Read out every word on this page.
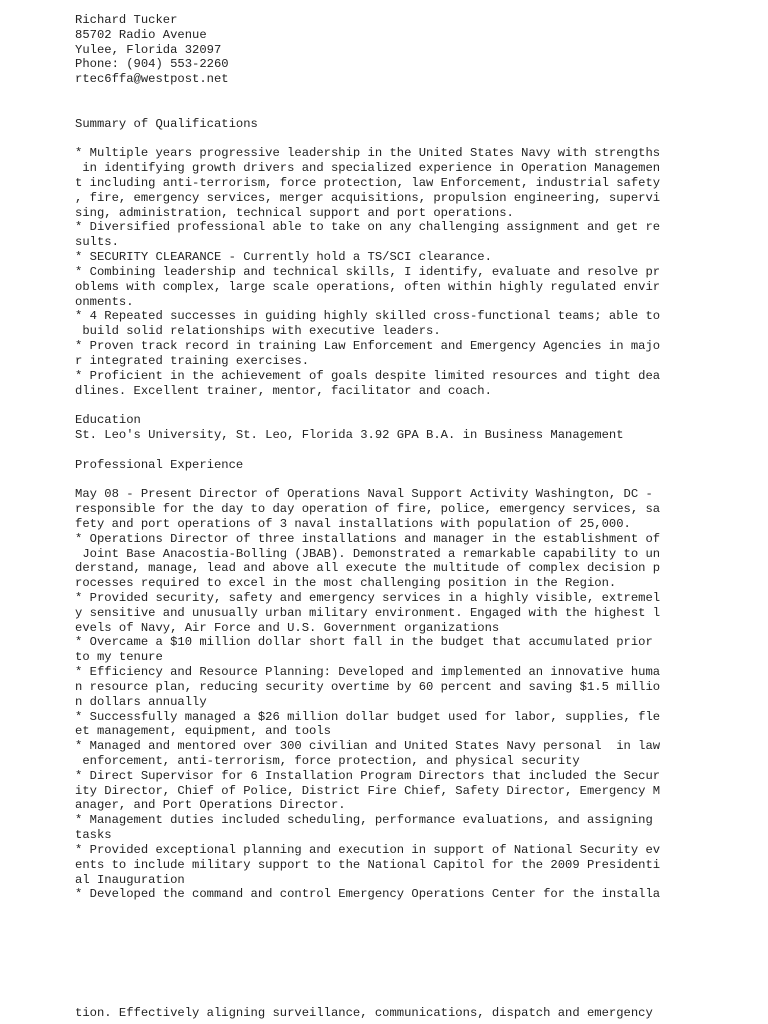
Richard Tucker
85702 Radio Avenue
Yulee, Florida 32097
Phone: (904) 553-2260
rtec6ffa@westpost.net
Summary of Qualifications
* Multiple years progressive leadership in the United States Navy with strengths
in identifying growth drivers and specialized experience in Operation Managemen
t including anti-terrorism, force protection, law Enforcement, industrial safety
, fire, emergency services, merger acquisitions, propulsion engineering, supervi
sing, administration, technical support and port operations.
* Diversified professional able to take on any challenging assignment and get re
sults.
* SECURITY CLEARANCE - Currently hold a TS/SCI clearance.
* Combining leadership and technical skills, I identify, evaluate and resolve pr
oblems with complex, large scale operations, often within highly regulated envir
onments.
* 4 Repeated successes in guiding highly skilled cross-functional teams; able to
build solid relationships with executive leaders.
* Proven track record in training Law Enforcement and Emergency Agencies in majo
r integrated training exercises.
* Proficient in the achievement of goals despite limited resources and tight dea
dlines. Excellent trainer, mentor, facilitator and coach.
Education
St. Leo's University, St. Leo, Florida 3.92 GPA B.A. in Business Management
Professional Experience
May 08 - Present Director of Operations Naval Support Activity Washington, DC -
responsible for the day to day operation of fire, police, emergency services, sa
fety and port operations of 3 naval installations with population of 25,000.
* Operations Director of three installations and manager in the establishment of
Joint Base Anacostia-Bolling (JBAB). Demonstrated a remarkable capability to un
derstand, manage, lead and above all execute the multitude of complex decision p
rocesses required to excel in the most challenging position in the Region.
* Provided security, safety and emergency services in a highly visible, extremel
y sensitive and unusually urban military environment. Engaged with the highest l
evels of Navy, Air Force and U.S. Government organizations
* Overcame a $10 million dollar short fall in the budget that accumulated prior
to my tenure
* Efficiency and Resource Planning: Developed and implemented an innovative huma
n resource plan, reducing security overtime by 60 percent and saving $1.5 millio
n dollars annually
* Successfully managed a $26 million dollar budget used for labor, supplies, fle
et management, equipment, and tools
* Managed and mentored over 300 civilian and United States Navy personal  in law
enforcement, anti-terrorism, force protection, and physical security
* Direct Supervisor for 6 Installation Program Directors that included the Secur
ity Director, Chief of Police, District Fire Chief, Safety Director, Emergency M
anager, and Port Operations Director.
* Management duties included scheduling, performance evaluations, and assigning
tasks
* Provided exceptional planning and execution in support of National Security ev
ents to include military support to the National Capitol for the 2009 Presidenti
al Inauguration
* Developed the command and control Emergency Operations Center for the installa
tion. Effectively aligning surveillance, communications, dispatch and emergency
